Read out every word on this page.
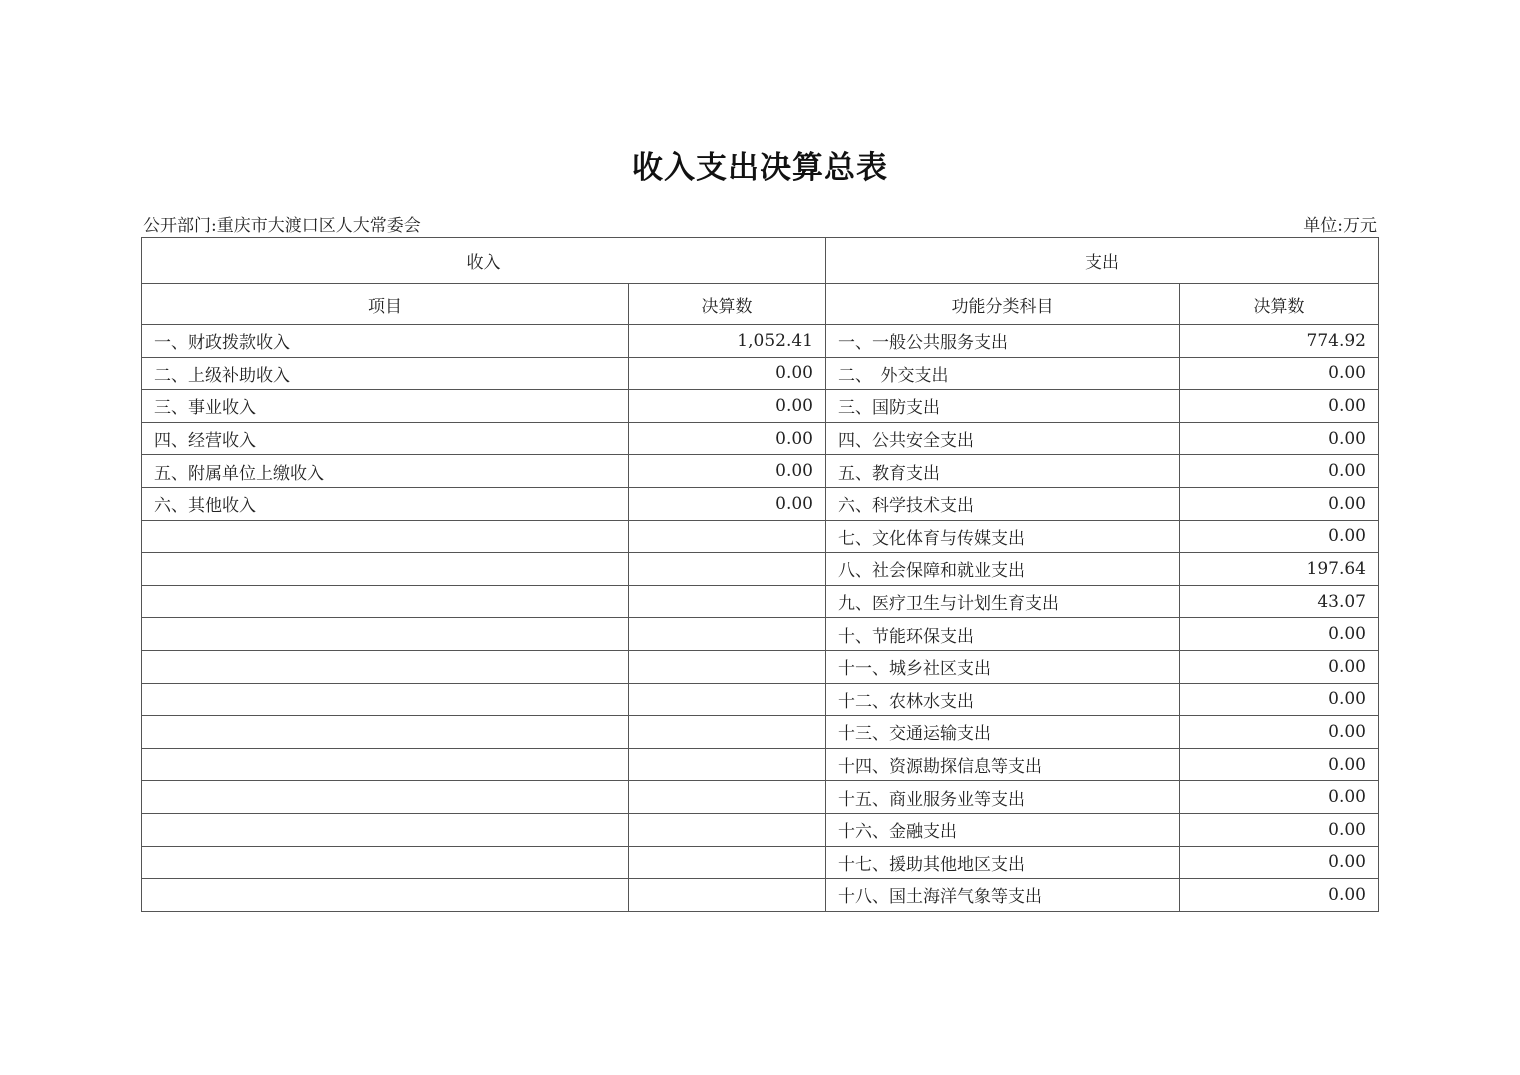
收入支出决算总表
公开部门:重庆市大渡口区人大常委会	单位:万元
收入		支出	
项目	决算数	功能分类科目	决算数
一、财政拨款收入	1,052.41	一、一般公共服务支出	774.92
二、上级补助收入	0.00	二、　外交支出	0.00
三、事业收入	0.00	三、国防支出	0.00
四、经营收入	0.00	四、公共安全支出	0.00
五、附属单位上缴收入	0.00	五、教育支出	0.00
六、其他收入	0.00	六、科学技术支出	0.00
		七、文化体育与传媒支出	0.00
		八、社会保障和就业支出	197.64
		九、医疗卫生与计划生育支出	43.07
		十、节能环保支出	0.00
		十一、城乡社区支出	0.00
		十二、农林水支出	0.00
		十三、交通运输支出	0.00
		十四、资源勘探信息等支出	0.00
		十五、商业服务业等支出	0.00
		十六、金融支出	0.00
		十七、援助其他地区支出	0.00
		十八、国土海洋气象等支出	0.00
